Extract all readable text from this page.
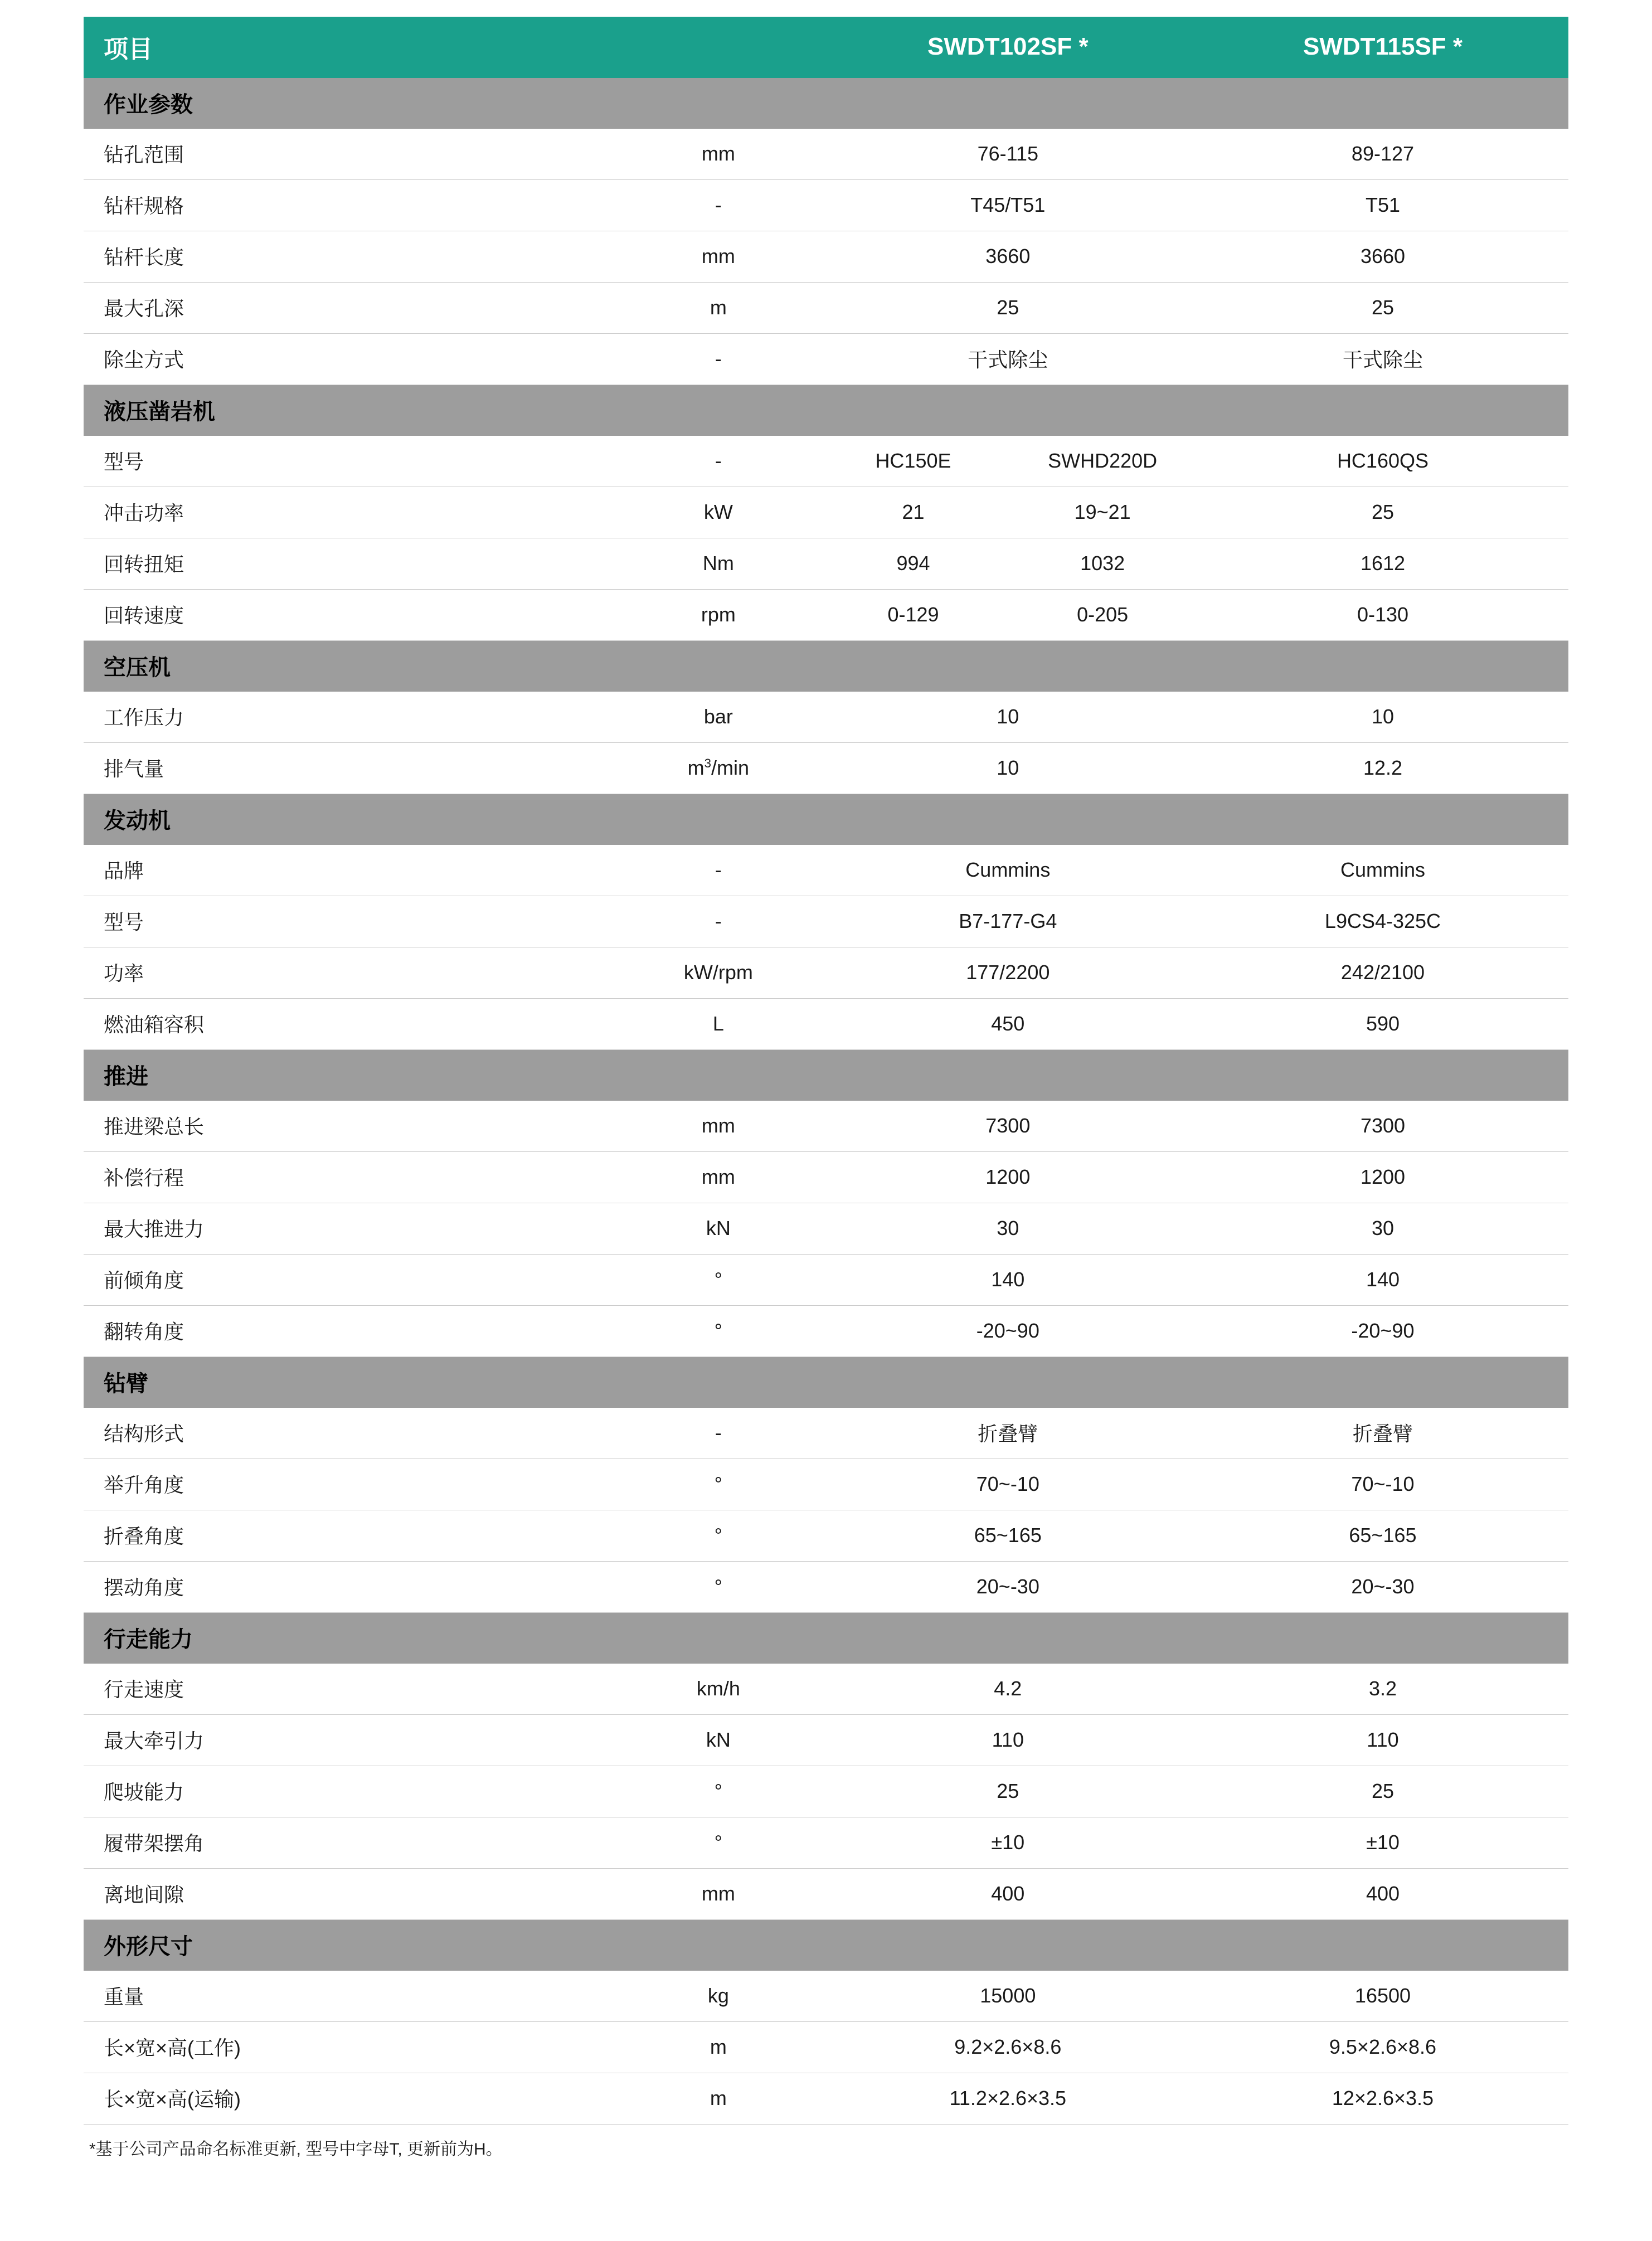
项目		SWDT102SF *	SWDT115SF *
作业参数			
钻孔范围	mm	76-115	89-127
钻杆规格	-	T45/T51	T51
钻杆长度	mm	3660	3660
最大孔深	m	25	25
除尘方式	-	干式除尘	干式除尘
液压凿岩机			
型号	-	HC150E SWHD220D	HC160QS
冲击功率	kW	21 19~21	25
回转扭矩	Nm	994 1032	1612
回转速度	rpm	0-129 0-205	0-130
空压机			
工作压力	bar	10	10
排气量	$m^3/\min$	10	12.2
发动机			
品牌	-	Cummins	Cummins
型号	-	B7-177-G4	L9CS4-325C
功率	kW/rpm	177/2200	242/2100
燃油箱容积	L	450	590
推进			
推进梁总长	mm	7300	7300
补偿行程	mm	1200	1200
最大推进力	kN	30	30
前倾角度	°	140	140
翻转角度	°	-20~90	-20~90
钻臂			
结构形式	-	折叠臂	折叠臂
举升角度	°	70~-10	70~-10
折叠角度	°	65~165	65~165
摆动角度	°	20~-30	20~-30
行走能力			
行走速度	km/h	4.2	3.2
最大牵引力	kN	110	110
爬坡能力	°	25	25
履带架摆角	°	±10	±10
离地间隙	mm	400	400
外形尺寸			
重量	kg	15000	16500
长×宽×高(工作)	m	9.2×2.6×8.6	9.5×2.6×8.6
长×宽×高(运输)	m	11.2×2.6×3.5	12×2.6×3.5
*基于公司产品命名标准更新, 型号中字母T, 更新前为H。
